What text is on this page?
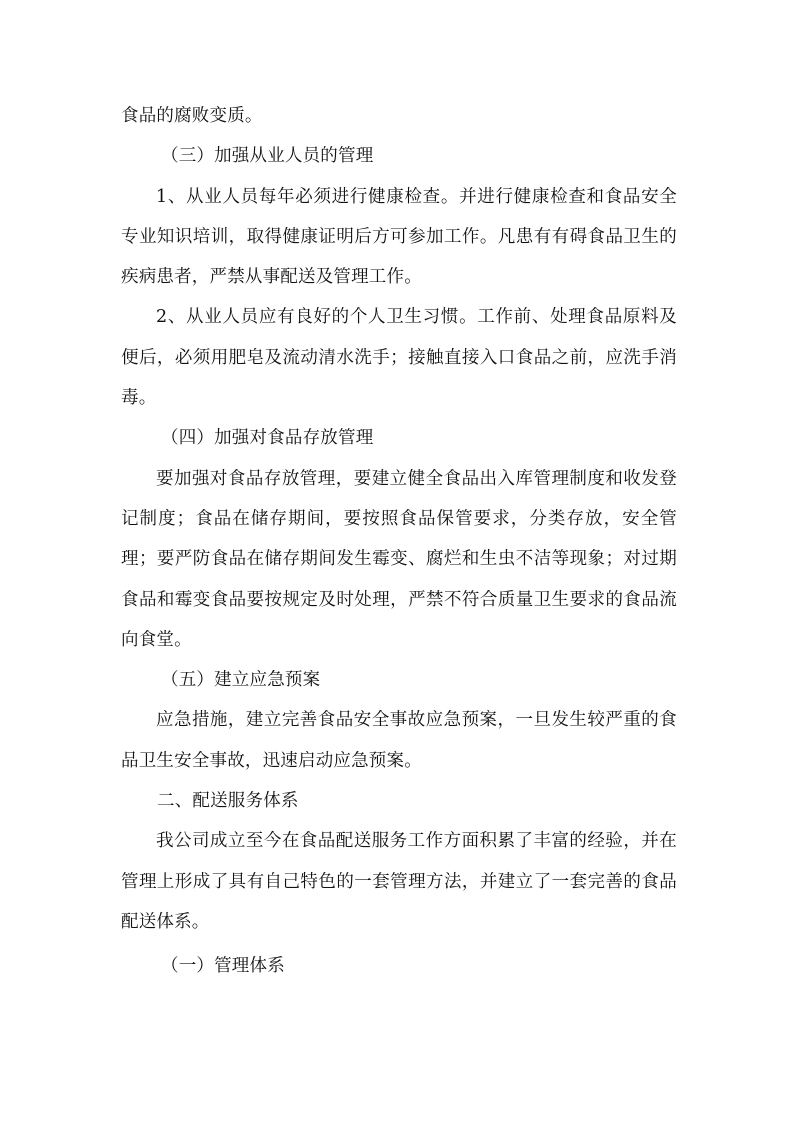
食品的腐败变质。

（三）加强从业人员的管理

1、从业人员每年必须进行健康检查。并进行健康检查和食品安全专业知识培训，取得健康证明后方可参加工作。凡患有有碍食品卫生的疾病患者，严禁从事配送及管理工作。

2、从业人员应有良好的个人卫生习惯。工作前、处理食品原料及便后，必须用肥皂及流动清水洗手；接触直接入口食品之前，应洗手消毒。

（四）加强对食品存放管理

要加强对食品存放管理，要建立健全食品出入库管理制度和收发登记制度；食品在储存期间，要按照食品保管要求，分类存放，安全管理；要严防食品在储存期间发生霉变、腐烂和生虫不洁等现象；对过期食品和霉变食品要按规定及时处理，严禁不符合质量卫生要求的食品流向食堂。

（五）建立应急预案

应急措施，建立完善食品安全事故应急预案，一旦发生较严重的食品卫生安全事故，迅速启动应急预案。

二、配送服务体系

我公司成立至今在食品配送服务工作方面积累了丰富的经验，并在管理上形成了具有自己特色的一套管理方法，并建立了一套完善的食品配送体系。

（一）管理体系
